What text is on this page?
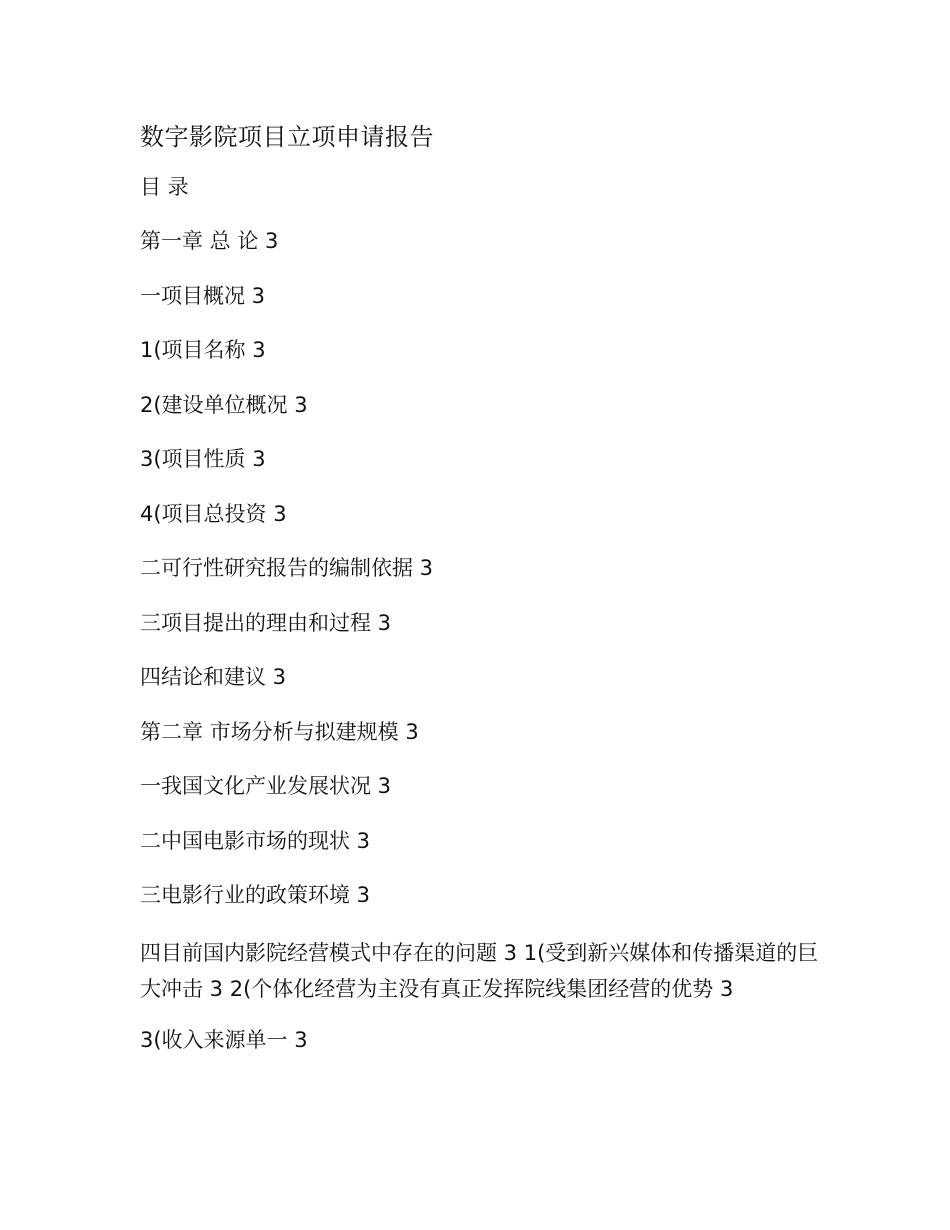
数字影院项目立项申请报告
目 录
第一章 总 论 3
一项目概况 3
1(项目名称 3
2(建设单位概况 3
3(项目性质 3
4(项目总投资 3
二可行性研究报告的编制依据 3
三项目提出的理由和过程 3
四结论和建议 3
第二章 市场分析与拟建规模 3
一我国文化产业发展状况 3
二中国电影市场的现状 3
三电影行业的政策环境 3
四目前国内影院经营模式中存在的问题 3 1(受到新兴媒体和传播渠道的巨大冲击 3 2(个体化经营为主没有真正发挥院线集团经营的优势 3
3(收入来源单一 3
